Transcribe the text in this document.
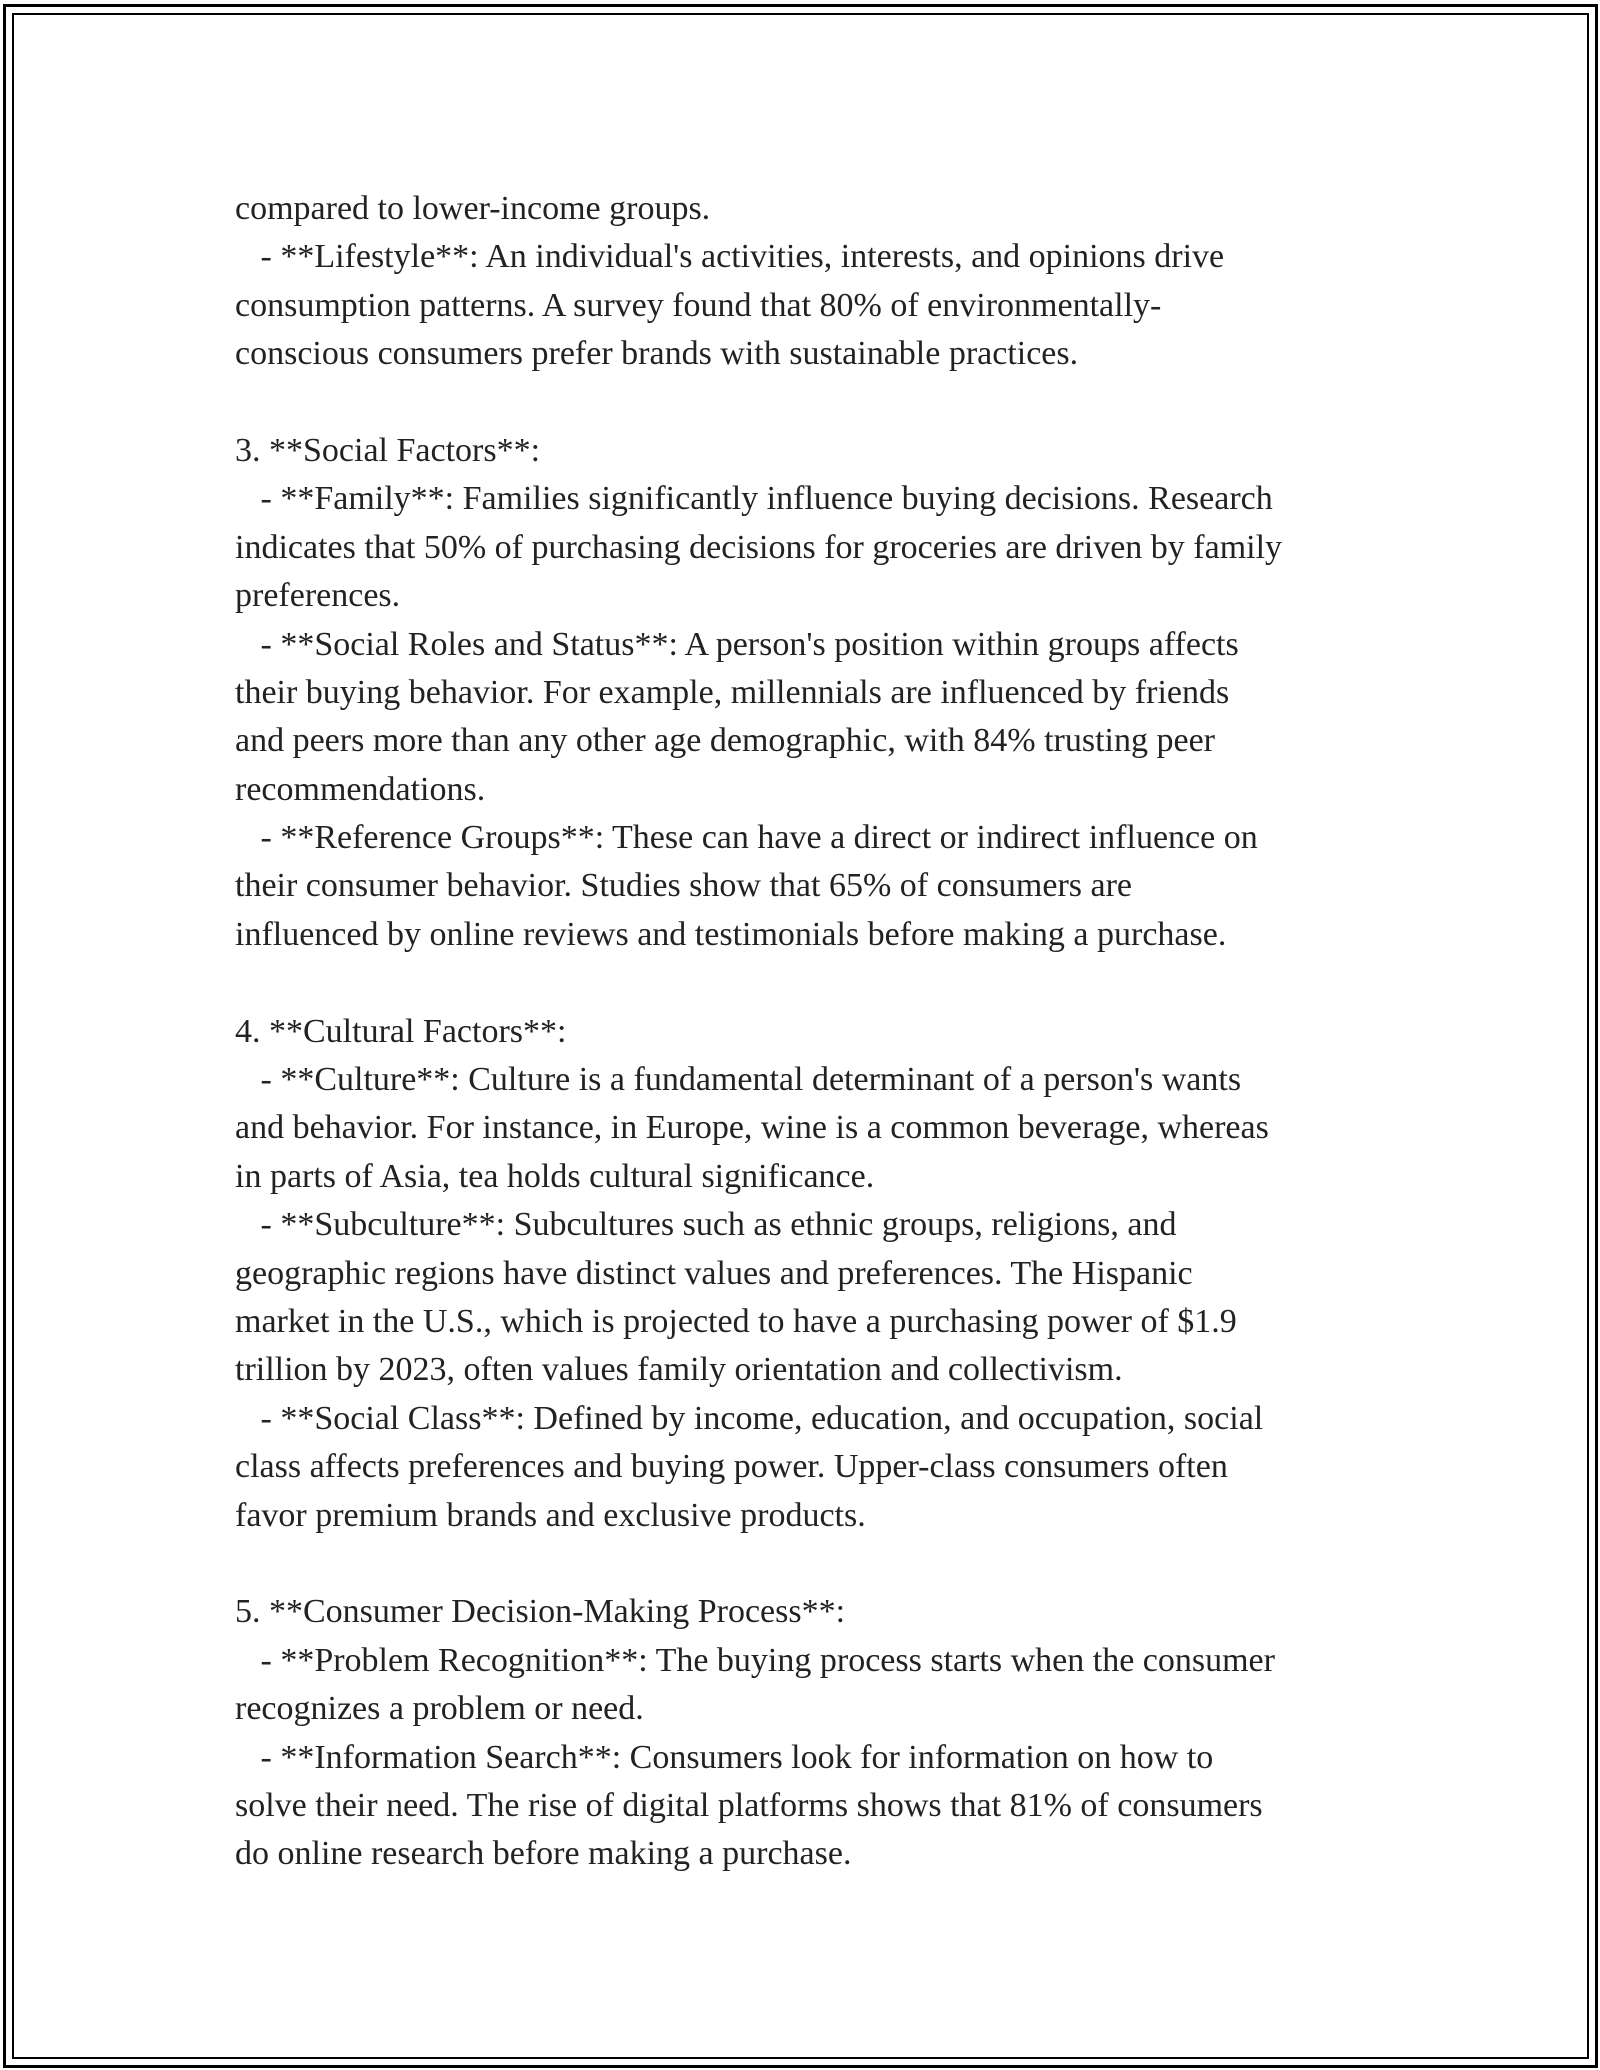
compared to lower-income groups.
- **Lifestyle**: An individual's activities, interests, and opinions drive
consumption patterns. A survey found that 80% of environmentally-
conscious consumers prefer brands with sustainable practices.
3. **Social Factors**:
- **Family**: Families significantly influence buying decisions. Research
indicates that 50% of purchasing decisions for groceries are driven by family
preferences.
- **Social Roles and Status**: A person's position within groups affects
their buying behavior. For example, millennials are influenced by friends
and peers more than any other age demographic, with 84% trusting peer
recommendations.
- **Reference Groups**: These can have a direct or indirect influence on
their consumer behavior. Studies show that 65% of consumers are
influenced by online reviews and testimonials before making a purchase.
4. **Cultural Factors**:
- **Culture**: Culture is a fundamental determinant of a person's wants
and behavior. For instance, in Europe, wine is a common beverage, whereas
in parts of Asia, tea holds cultural significance.
- **Subculture**: Subcultures such as ethnic groups, religions, and
geographic regions have distinct values and preferences. The Hispanic
market in the U.S., which is projected to have a purchasing power of $1.9
trillion by 2023, often values family orientation and collectivism.
- **Social Class**: Defined by income, education, and occupation, social
class affects preferences and buying power. Upper-class consumers often
favor premium brands and exclusive products.
5. **Consumer Decision-Making Process**:
- **Problem Recognition**: The buying process starts when the consumer
recognizes a problem or need.
- **Information Search**: Consumers look for information on how to
solve their need. The rise of digital platforms shows that 81% of consumers
do online research before making a purchase.
